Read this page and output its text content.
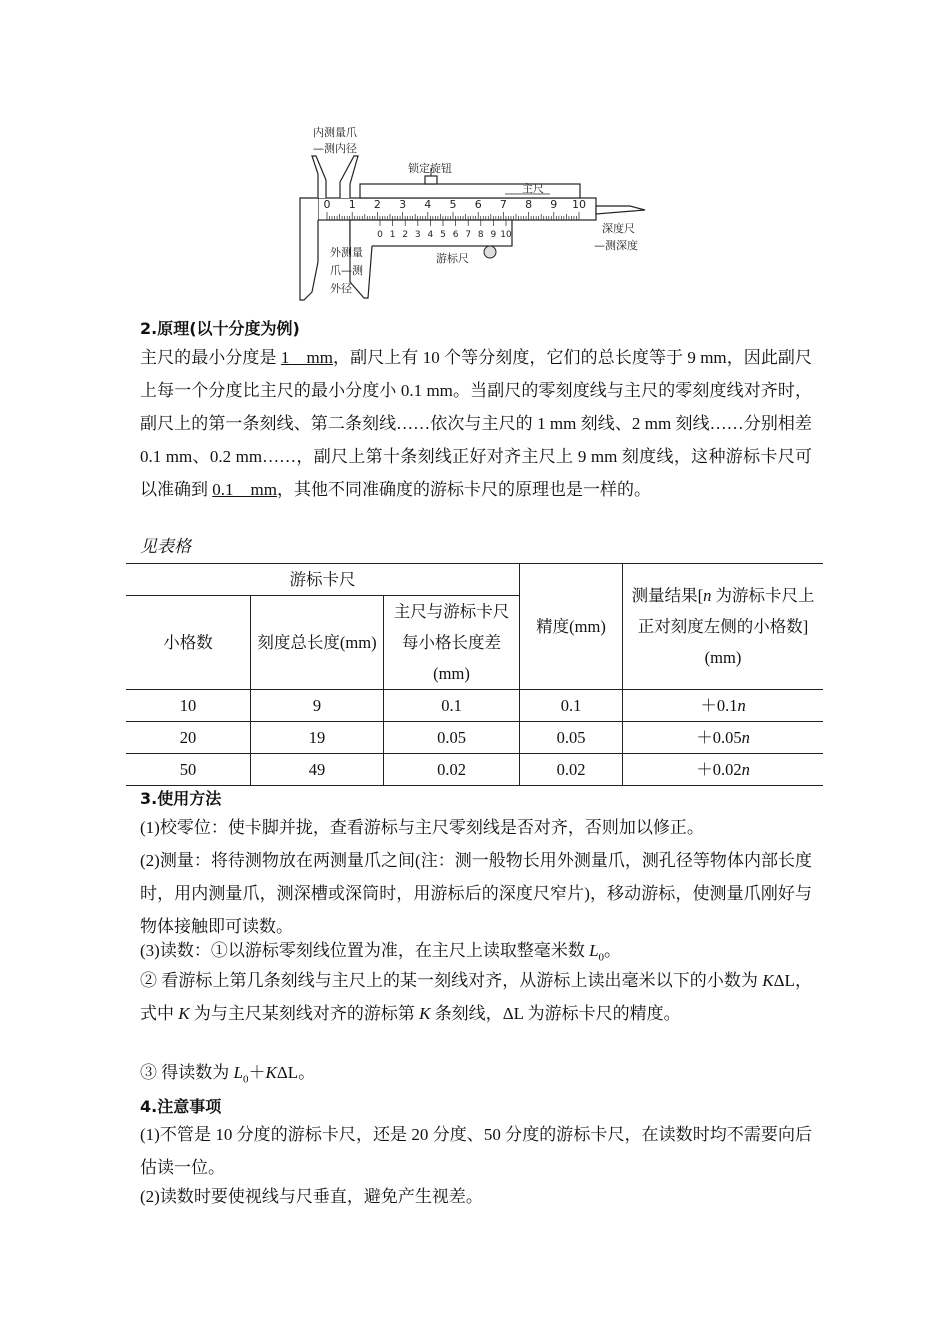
0 1 2 3 4 5 6 7 8 9 10
0 1 2 3 4 5 6 7 8 9 10
内测量爪
—测内径
锁定旋钮
主尺
深度尺
—测深度
外测量
爪—测
外径
游标尺
2.原理(以十分度为例)
主尺的最小分度是 1　mm，副尺上有 10 个等分刻度，它们的总长度等于 9 mm，因此副尺上每一个分度比主尺的最小分度小 0.1 mm。当副尺的零刻度线与主尺的零刻度线对齐时，副尺上的第一条刻线、第二条刻线……依次与主尺的 1 mm 刻线、2 mm 刻线……分别相差 0.1 mm、0.2 mm……，副尺上第十条刻线正好对齐主尺上 9 mm 刻度线，这种游标卡尺可以准确到 0.1　mm，其他不同准确度的游标卡尺的原理也是一样的。
见表格
游标卡尺			精度(mm)	测量结果[n 为游标卡尺上正对刻度左侧的小格数](mm)
小格数	刻度总长度(mm)	主尺与游标卡尺每小格长度差(mm)		
10	9	0.1	0.1	＋0.1n
20	19	0.05	0.05	＋0.05n
50	49	0.02	0.02	＋0.02n
3.使用方法
(1)校零位：使卡脚并拢，查看游标与主尺零刻线是否对齐，否则加以修正。
(2)测量：将待测物放在两测量爪之间(注：测一般物长用外测量爪，测孔径等物体内部长度时，用内测量爪，测深槽或深筒时，用游标后的深度尺窄片)，移动游标，使测量爪刚好与物体接触即可读数。
(3)读数：①以游标零刻线位置为准，在主尺上读取整毫米数 $L_0$。
② 看游标上第几条刻线与主尺上的某一刻线对齐，从游标上读出毫米以下的小数为 KΔL，式中 K 为与主尺某刻线对齐的游标第 K 条刻线，ΔL 为游标卡尺的精度。
③ 得读数为 $L_0+K\Delta L$。
4.注意事项
(1)不管是 10 分度的游标卡尺，还是 20 分度、50 分度的游标卡尺，在读数时均不需要向后估读一位。
(2)读数时要使视线与尺垂直，避免产生视差。
